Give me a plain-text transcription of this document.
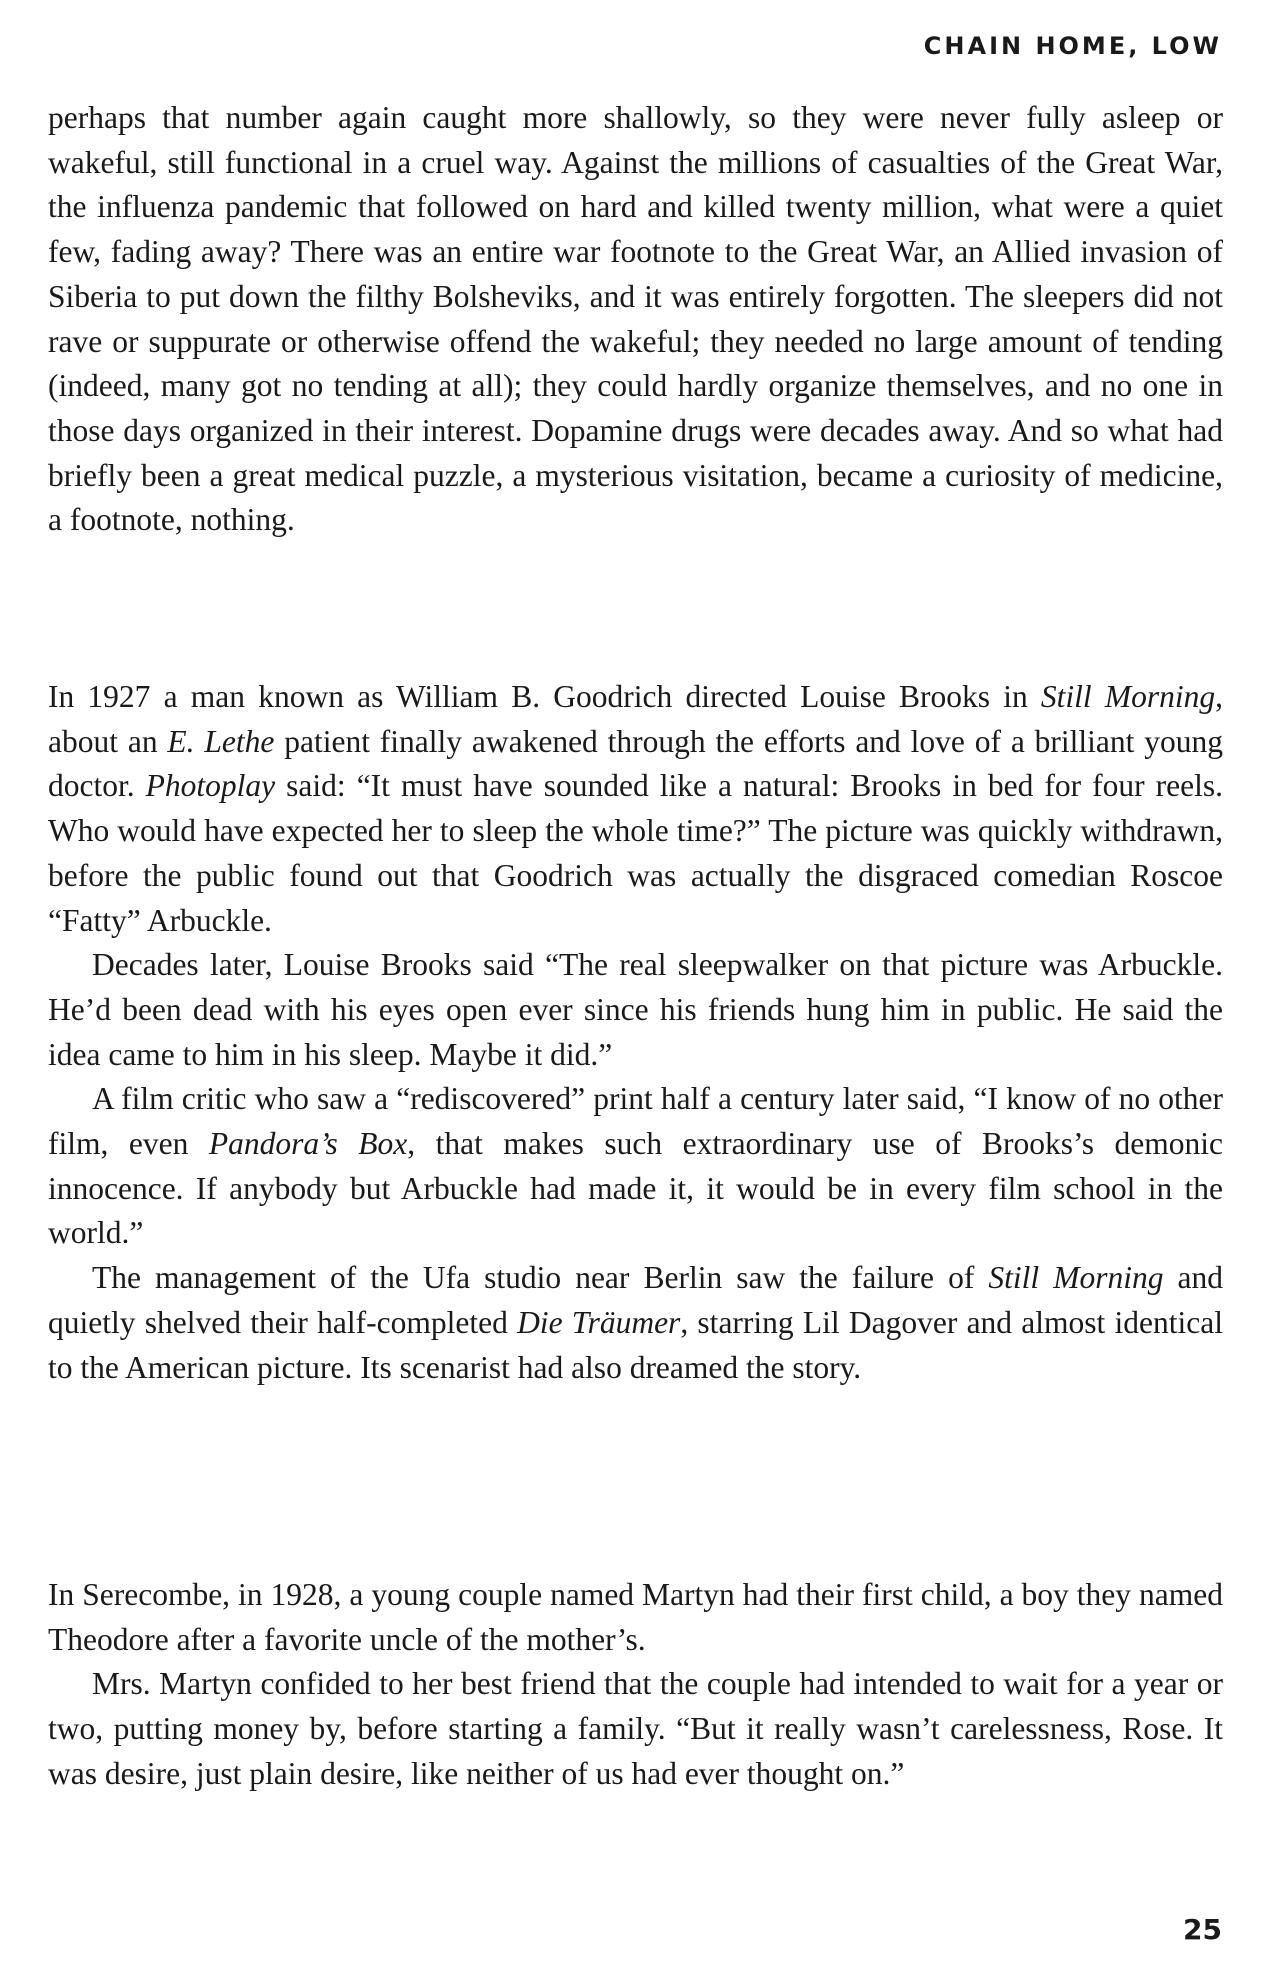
CHAIN HOME, LOW

perhaps that number again caught more shallowly, so they were never fully asleep or wakeful, still functional in a cruel way. Against the millions of casualties of the Great War, the influenza pandemic that followed on hard and killed twenty million, what were a quiet few, fading away? There was an entire war footnote to the Great War, an Allied invasion of Siberia to put down the filthy Bolsheviks, and it was entirely forgotten. The sleepers did not rave or suppurate or otherwise offend the wakeful; they needed no large amount of tending (indeed, many got no tending at all); they could hardly organize themselves, and no one in those days organized in their interest. Dopamine drugs were decades away. And so what had briefly been a great medical puzzle, a mysterious visitation, became a curiosity of medicine, a footnote, nothing.

In 1927 a man known as William B. Goodrich directed Louise Brooks in Still Morning, about an E. Lethe patient finally awakened through the efforts and love of a brilliant young doctor. Photoplay said: “It must have sounded like a natural: Brooks in bed for four reels. Who would have expected her to sleep the whole time?” The picture was quickly withdrawn, before the public found out that Goodrich was actually the disgraced comedian Roscoe “Fatty” Arbuckle.

Decades later, Louise Brooks said “The real sleepwalker on that picture was Arbuckle. He’d been dead with his eyes open ever since his friends hung him in public. He said the idea came to him in his sleep. Maybe it did.”

A film critic who saw a “rediscovered” print half a century later said, “I know of no other film, even Pandora’s Box, that makes such extraordinary use of Brooks’s demonic innocence. If anybody but Arbuckle had made it, it would be in every film school in the world.”

The management of the Ufa studio near Berlin saw the failure of Still Morning and quietly shelved their half-completed Die Träumer, starring Lil Dagover and almost identical to the American picture. Its scenarist had also dreamed the story.

In Serecombe, in 1928, a young couple named Martyn had their first child, a boy they named Theodore after a favorite uncle of the mother’s.

Mrs. Martyn confided to her best friend that the couple had intended to wait for a year or two, putting money by, before starting a family. “But it really wasn’t carelessness, Rose. It was desire, just plain desire, like neither of us had ever thought on.”

25
